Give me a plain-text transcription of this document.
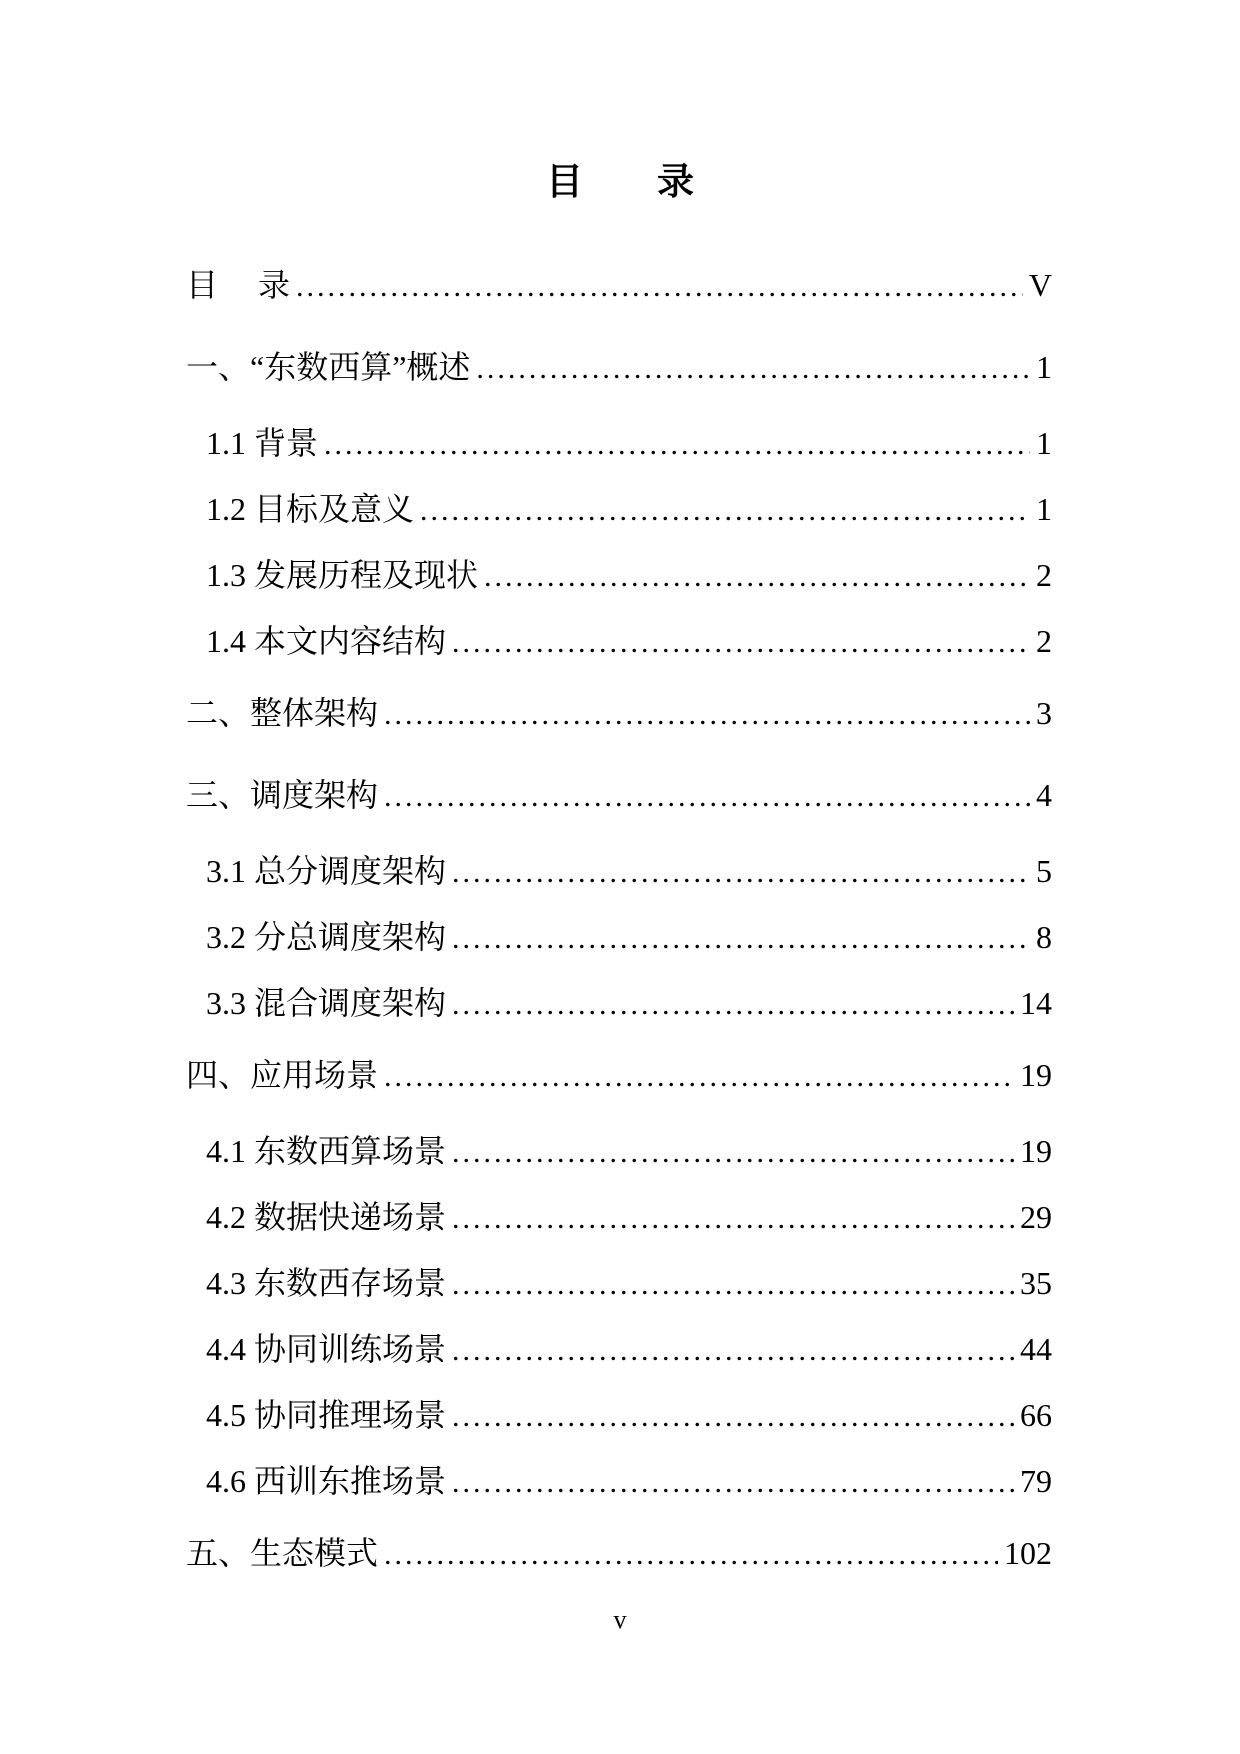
目　　录
目　 录 .....	V
一、“东数西算”概述 .....	1
1.1 背景 .....	1
1.2 目标及意义 .....	1
1.3 发展历程及现状 .....	2
1.4 本文内容结构 .....	2
二、整体架构 .....	3
三、调度架构 .....	4
3.1 总分调度架构 .....	5
3.2 分总调度架构 .....	8
3.3 混合调度架构 .....	14
四、应用场景 .....	19
4.1 东数西算场景 .....	19
4.2 数据快递场景 .....	29
4.3 东数西存场景 .....	35
4.4 协同训练场景 .....	44
4.5 协同推理场景 .....	66
4.6 西训东推场景 .....	79
五、生态模式 .....	102
v
